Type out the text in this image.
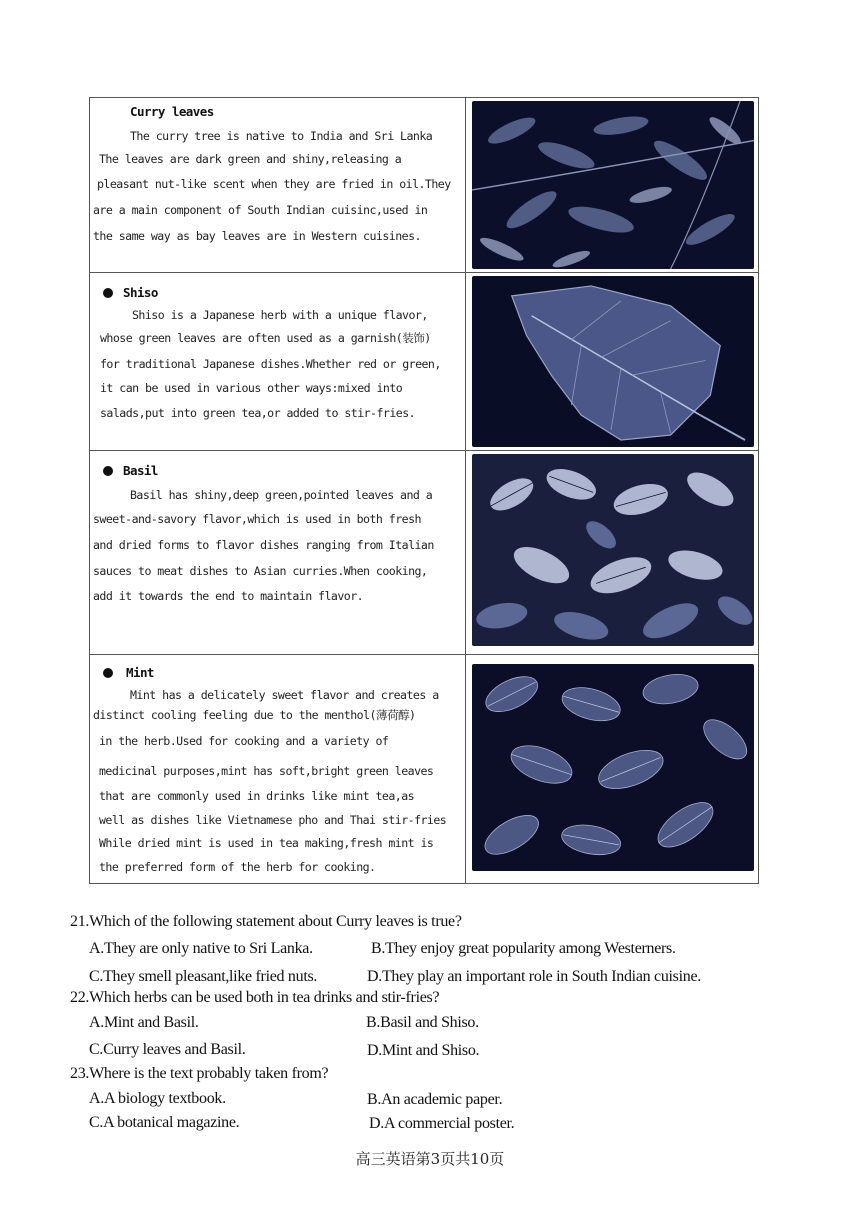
Curry leaves
The curry tree is native to India and Sri Lanka
The leaves are dark green and shiny,releasing a
pleasant nut-like scent when they are fried in oil.They
are a main component of South Indian cuisinc,used in
the same way as bay leaves are in Western cuisines.
Shiso
Shiso is a Japanese herb with a unique flavor,
whose green leaves are often used as a garnish(装饰)
for traditional Japanese dishes.Whether red or green,
it can be used in various other ways:mixed into
salads,put into green tea,or added to stir-fries.
Basil
Basil has shiny,deep green,pointed leaves and a
sweet-and-savory flavor,which is used in both fresh
and dried forms to flavor dishes ranging from Italian
sauces to meat dishes to Asian curries.When cooking,
add it towards the end to maintain flavor.
Mint
Mint has a delicately sweet flavor and creates a
distinct cooling feeling due to the menthol(薄荷醇)
in the herb.Used for cooking and a variety of
medicinal purposes,mint has soft,bright green leaves
that are commonly used in drinks like mint tea,as
well as dishes like Vietnamese pho and Thai stir-fries
While dried mint is used in tea making,fresh mint is
the preferred form of the herb for cooking.
21.Which of the following statement about Curry leaves is true?
A.They are only native to Sri Lanka.	B.They enjoy great popularity among Westerners.
C.They smell pleasant,like fried nuts.	D.They play an important role in South Indian cuisine.
22.Which herbs can be used both in tea drinks and stir-fries?
A.Mint and Basil.	B.Basil and Shiso.
C.Curry leaves and Basil.	D.Mint and Shiso.
23.Where is the text probably taken from?
A.A biology textbook.	B.An academic paper.
C.A botanical magazine.	D.A commercial poster.
高三英语第3页共10页
